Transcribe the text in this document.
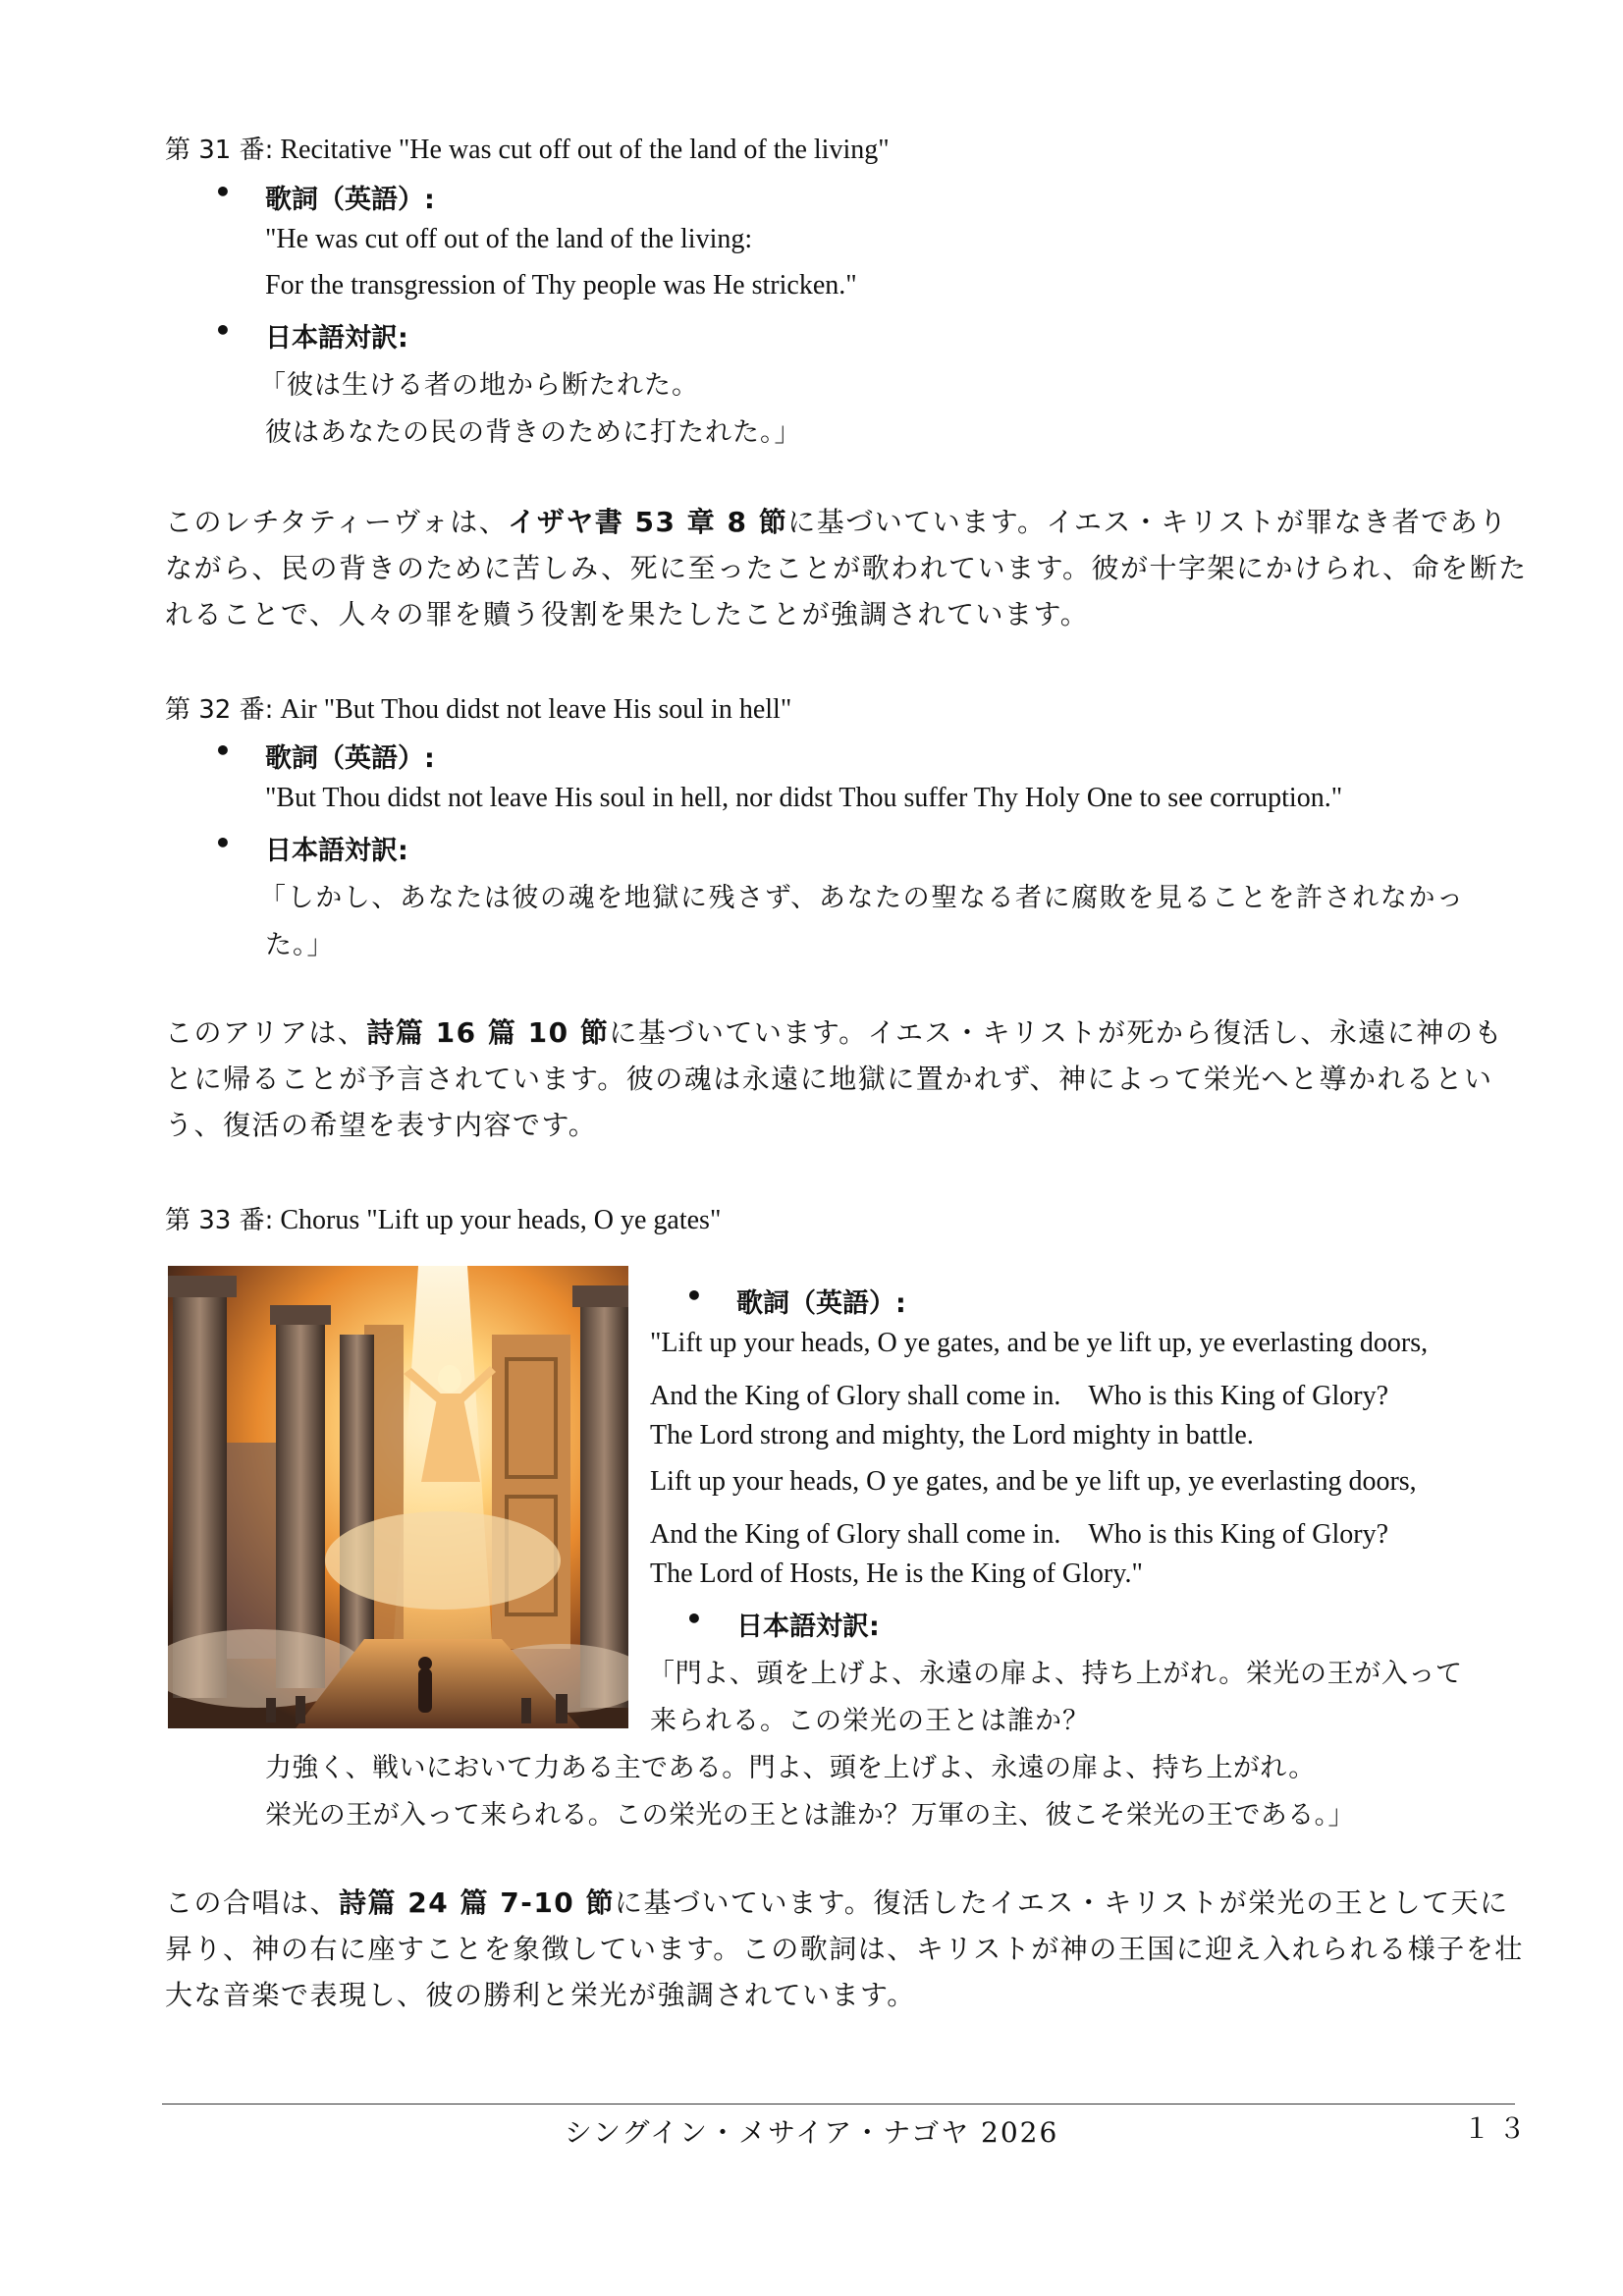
第 31 番: Recitative "He was cut off out of the land of the living"
• 歌詞（英語）:
"He was cut off out of the land of the living:
For the transgression of Thy people was He stricken."
• 日本語対訳:
「彼は生ける者の地から断たれた。
彼はあなたの民の背きのために打たれた。」
このレチタティーヴォは、イザヤ書 53 章 8 節に基づいています。イエス・キリストが罪なき者でありながら、民の背きのために苦しみ、死に至ったことが歌われています。彼が十字架にかけられ、命を断たれることで、人々の罪を贖う役割を果たしたことが強調されています。
第 32 番: Air "But Thou didst not leave His soul in hell"
• 歌詞（英語）:
"But Thou didst not leave His soul in hell, nor didst Thou suffer Thy Holy One to see corruption."
• 日本語対訳:
「しかし、あなたは彼の魂を地獄に残さず、あなたの聖なる者に腐敗を見ることを許されなかっ
た。」
このアリアは、詩篇 16 篇 10 節に基づいています。イエス・キリストが死から復活し、永遠に神のもとに帰ることが予言されています。彼の魂は永遠に地獄に置かれず、神によって栄光へと導かれるという、復活の希望を表す内容です。
第 33 番: Chorus "Lift up your heads, O ye gates"
• 歌詞（英語）:
"Lift up your heads, O ye gates, and be ye lift up, ye everlasting doors,
And the King of Glory shall come in.　Who is this King of Glory?
The Lord strong and mighty, the Lord mighty in battle.
Lift up your heads, O ye gates, and be ye lift up, ye everlasting doors,
And the King of Glory shall come in.　Who is this King of Glory?
The Lord of Hosts, He is the King of Glory."
• 日本語対訳:
「門よ、頭を上げよ、永遠の扉よ、持ち上がれ。栄光の王が入って
来られる。この栄光の王とは誰か？
力強く、戦いにおいて力ある主である。門よ、頭を上げよ、永遠の扉よ、持ち上がれ。
栄光の王が入って来られる。この栄光の王とは誰か？万軍の主、彼こそ栄光の王である。」
この合唱は、詩篇 24 篇 7-10 節に基づいています。復活したイエス・キリストが栄光の王として天に昇り、神の右に座すことを象徴しています。この歌詞は、キリストが神の王国に迎え入れられる様子を壮大な音楽で表現し、彼の勝利と栄光が強調されています。
シングイン・メサイア・ナゴヤ 2026	１３
